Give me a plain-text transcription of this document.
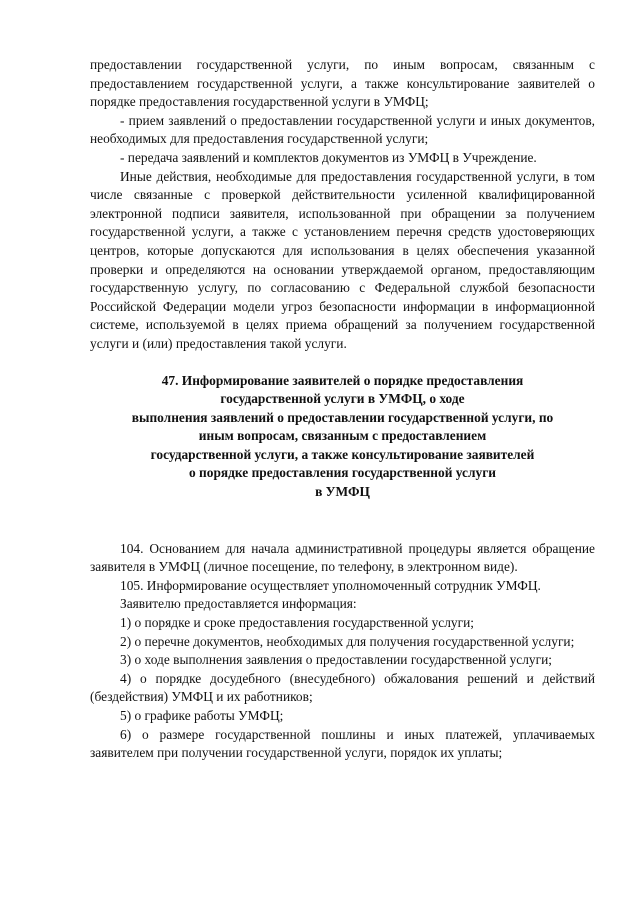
предоставлении государственной услуги, по иным вопросам, связанным с предоставлением государственной услуги, а также консультирование заявителей о порядке предоставления государственной услуги в УМФЦ;

- прием заявлений о предоставлении государственной услуги и иных документов, необходимых для предоставления государственной услуги;

- передача заявлений и комплектов документов из УМФЦ в Учреждение.

Иные действия, необходимые для предоставления государственной услуги, в том числе связанные с проверкой действительности усиленной квалифицированной электронной подписи заявителя, использованной при обращении за получением государственной услуги, а также с установлением перечня средств удостоверяющих центров, которые допускаются для использования в целях обеспечения указанной проверки и определяются на основании утверждаемой органом, предоставляющим государственную услугу, по согласованию с Федеральной службой безопасности Российской Федерации модели угроз безопасности информации в информационной системе, используемой в целях приема обращений за получением государственной услуги и (или) предоставления такой услуги.

47. Информирование заявителей о порядке предоставления
государственной услуги в УМФЦ, о ходе
выполнения заявлений о предоставлении государственной услуги, по
иным вопросам, связанным с предоставлением
государственной услуги, а также консультирование заявителей
о порядке предоставления государственной услуги
в УМФЦ

104. Основанием для начала административной процедуры является обращение заявителя в УМФЦ (личное посещение, по телефону, в электронном виде).

105. Информирование осуществляет уполномоченный сотрудник УМФЦ.

Заявителю предоставляется информация:

1) о порядке и сроке предоставления государственной услуги;

2) о перечне документов, необходимых для получения государственной услуги;

3) о ходе выполнения заявления о предоставлении государственной услуги;

4) о порядке досудебного (внесудебного) обжалования решений и действий (бездействия) УМФЦ и их работников;

5) о графике работы УМФЦ;

6) о размере государственной пошлины и иных платежей, уплачиваемых заявителем при получении государственной услуги, порядок их уплаты;
